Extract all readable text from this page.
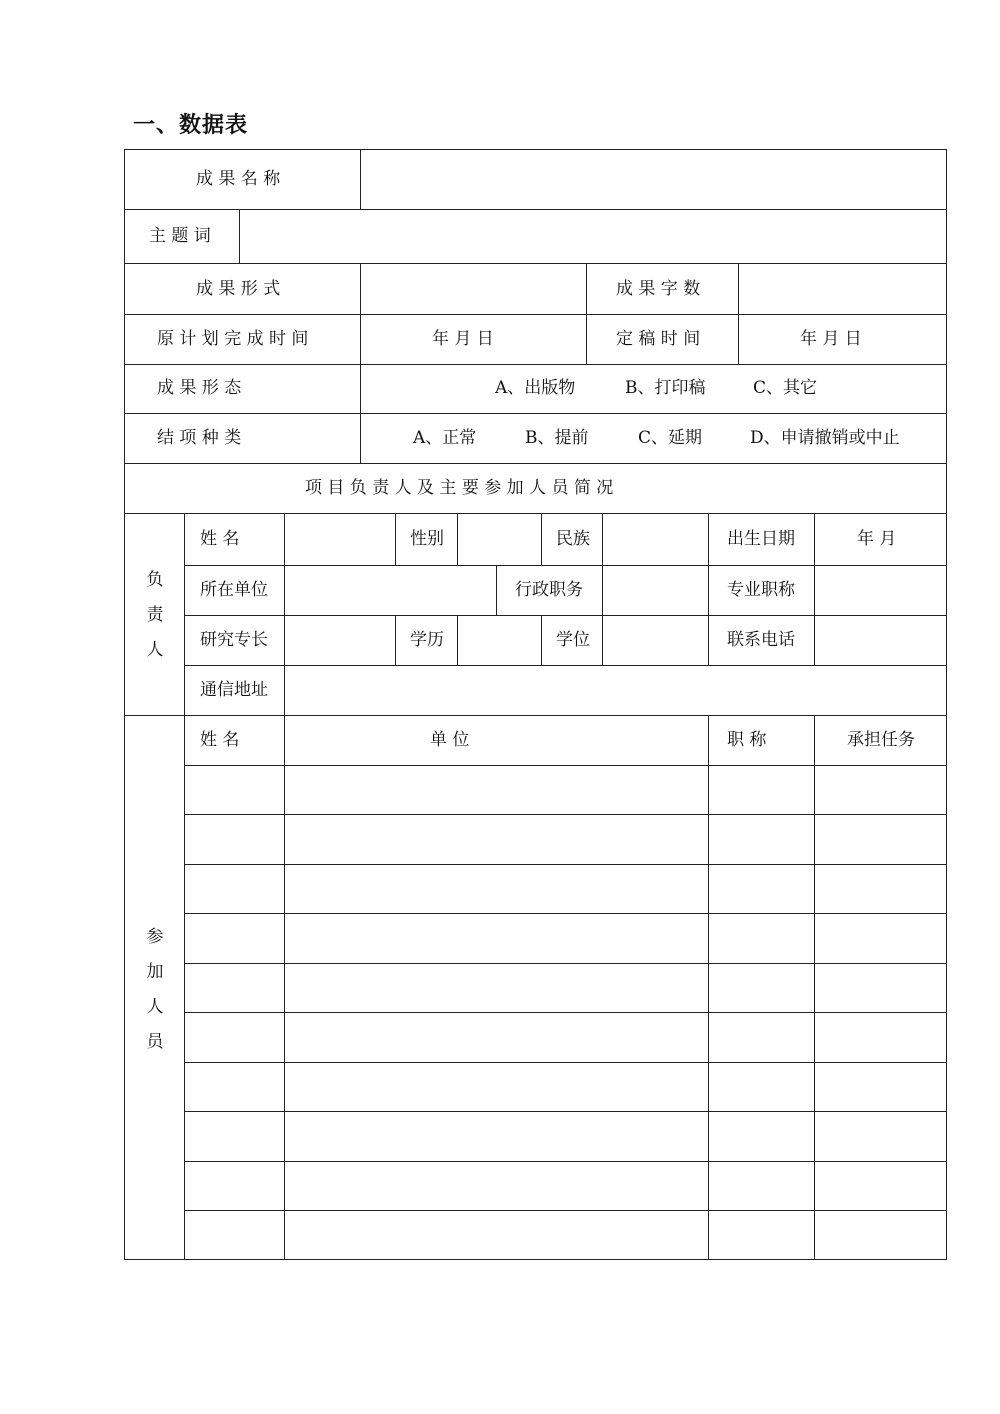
一、数据表
成 果 名 称
主 题 词
成 果 形 式	成 果 字 数
原 计 划 完 成 时 间	年 月 日	定 稿 时 间	年 月 日
成 果 形 态	A、出版物	B、打印稿	C、其它
结 项 种 类	A、正常	B、提前	C、延期	D、申请撤销或中止
项 目 负 责 人 及 主 要 参 加 人 员 简 况
负
责
人
姓 名	性别	民族	出生日期	年 月
所在单位	行政职务	专业职称
研究专长	学历	学位	联系电话
通信地址
参
加
人
员
姓 名	单 位	职 称	承担任务
